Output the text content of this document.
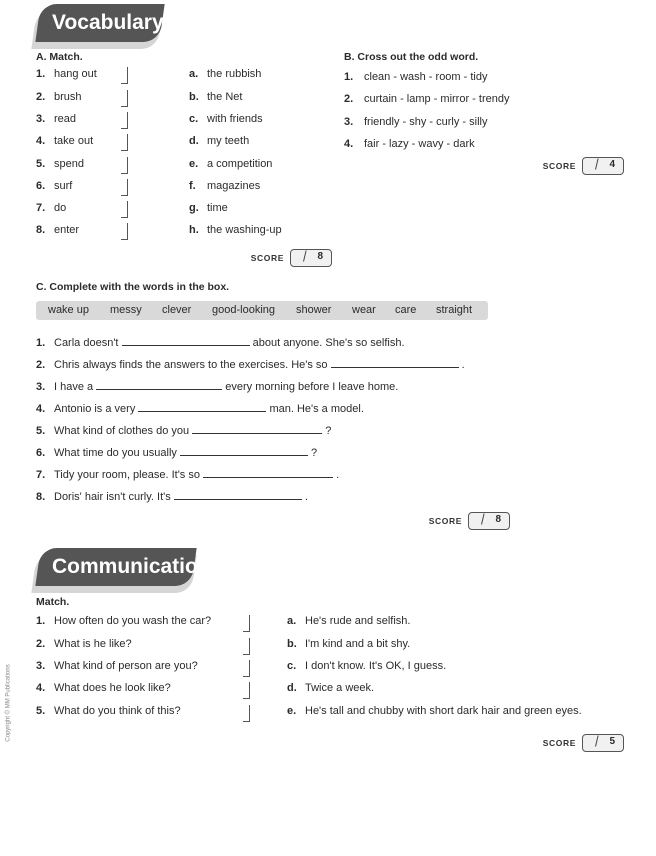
Vocabulary
A. Match.
1. hang out	a. the rubbish
2. brush	b. the Net
3. read	c. with friends
4. take out	d. my teeth
5. spend	e. a competition
6. surf	f. magazines
7. do	g. time
8. enter	h. the washing-up
SCORE / 8
B. Cross out the odd word.
1. clean - wash - room - tidy
2. curtain - lamp - mirror - trendy
3. friendly - shy - curly - silly
4. fair - lazy - wavy - dark
SCORE / 4
C. Complete with the words in the box.
wake up messy clever good-looking shower wear care straight
1. Carla doesn't	about anyone. She's so selfish.
2. Chris always finds the answers to the exercises. He's so	.
3. I have a	every morning before I leave home.
4. Antonio is a very	man. He's a model.
5. What kind of clothes do you	?
6. What time do you usually	?
7. Tidy your room, please. It's so	.
8. Doris' hair isn't curly. It's	.
SCORE / 8
Communication
Match.
1. How often do you wash the car?	a. He's rude and selfish.
2. What is he like?	b. I'm kind and a bit shy.
3. What kind of person are you?	c. I don't know. It's OK, I guess.
4. What does he look like?	d. Twice a week.
5. What do you think of this?	e. He's tall and chubby with short dark hair and green eyes.
SCORE / 5
Copyright © MM Publications
